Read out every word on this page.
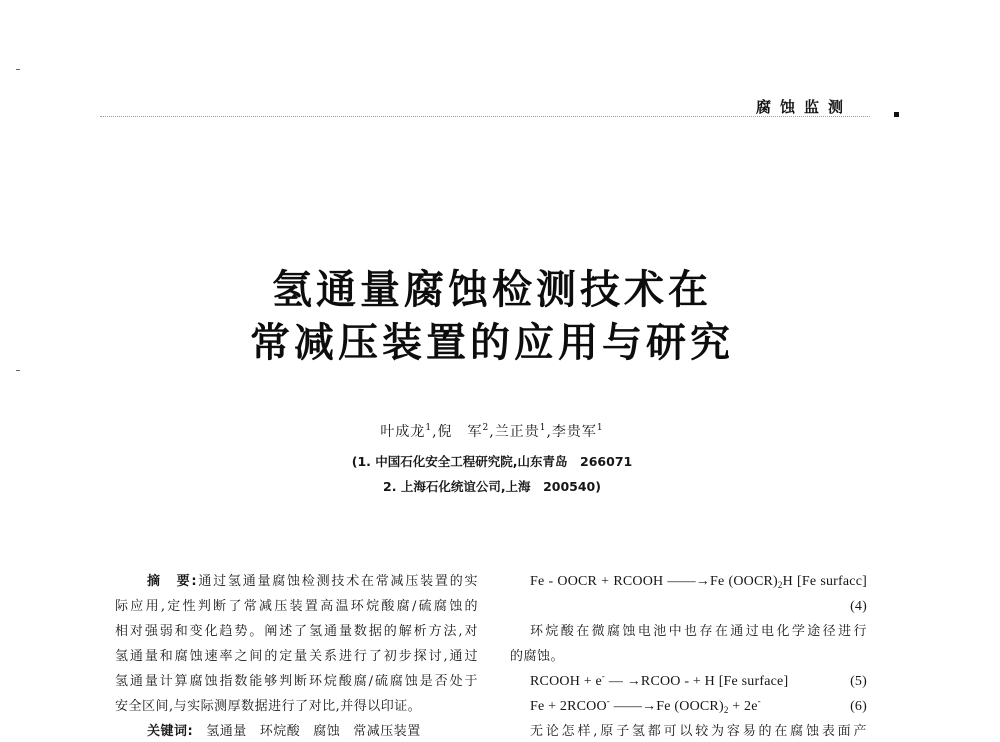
腐蚀监测
氢通量腐蚀检测技术在
常减压装置的应用与研究
叶成龙$^1$,倪　军$^2$,兰正贵$^1$,李贵军$^1$
(1. 中国石化安全工程研究院,山东青岛　266071
2. 上海石化统谊公司,上海　200540)
摘　要:通过氢通量腐蚀检测技术在常减压装置的实
际应用,定性判断了常减压装置高温环烷酸腐/硫腐蚀的
相对强弱和变化趋势。阐述了氢通量数据的解析方法,对
氢通量和腐蚀速率之间的定量关系进行了初步探讨,通过
氢通量计算腐蚀指数能够判断环烷酸腐/硫腐蚀是否处于
安全区间,与实际测厚数据进行了对比,并得以印证。
关键词: 氢通量 环烷酸 腐蚀 常减压装置
Fe - OOCR + RCOOH ——→Fe $(OOCR)_2H$ [Fe surfacc]
(4)
环烷酸在微腐蚀电池中也存在通过电化学途径进行
的腐蚀。
RCOOH + e- — →RCOO - + H [Fe surface]	(5)
Fe + 2RCOO- ——→Fe $(OOCR)_2 + 2e^-$	(6)
无论怎样,原子氢都可以较为容易的在腐蚀表面产
